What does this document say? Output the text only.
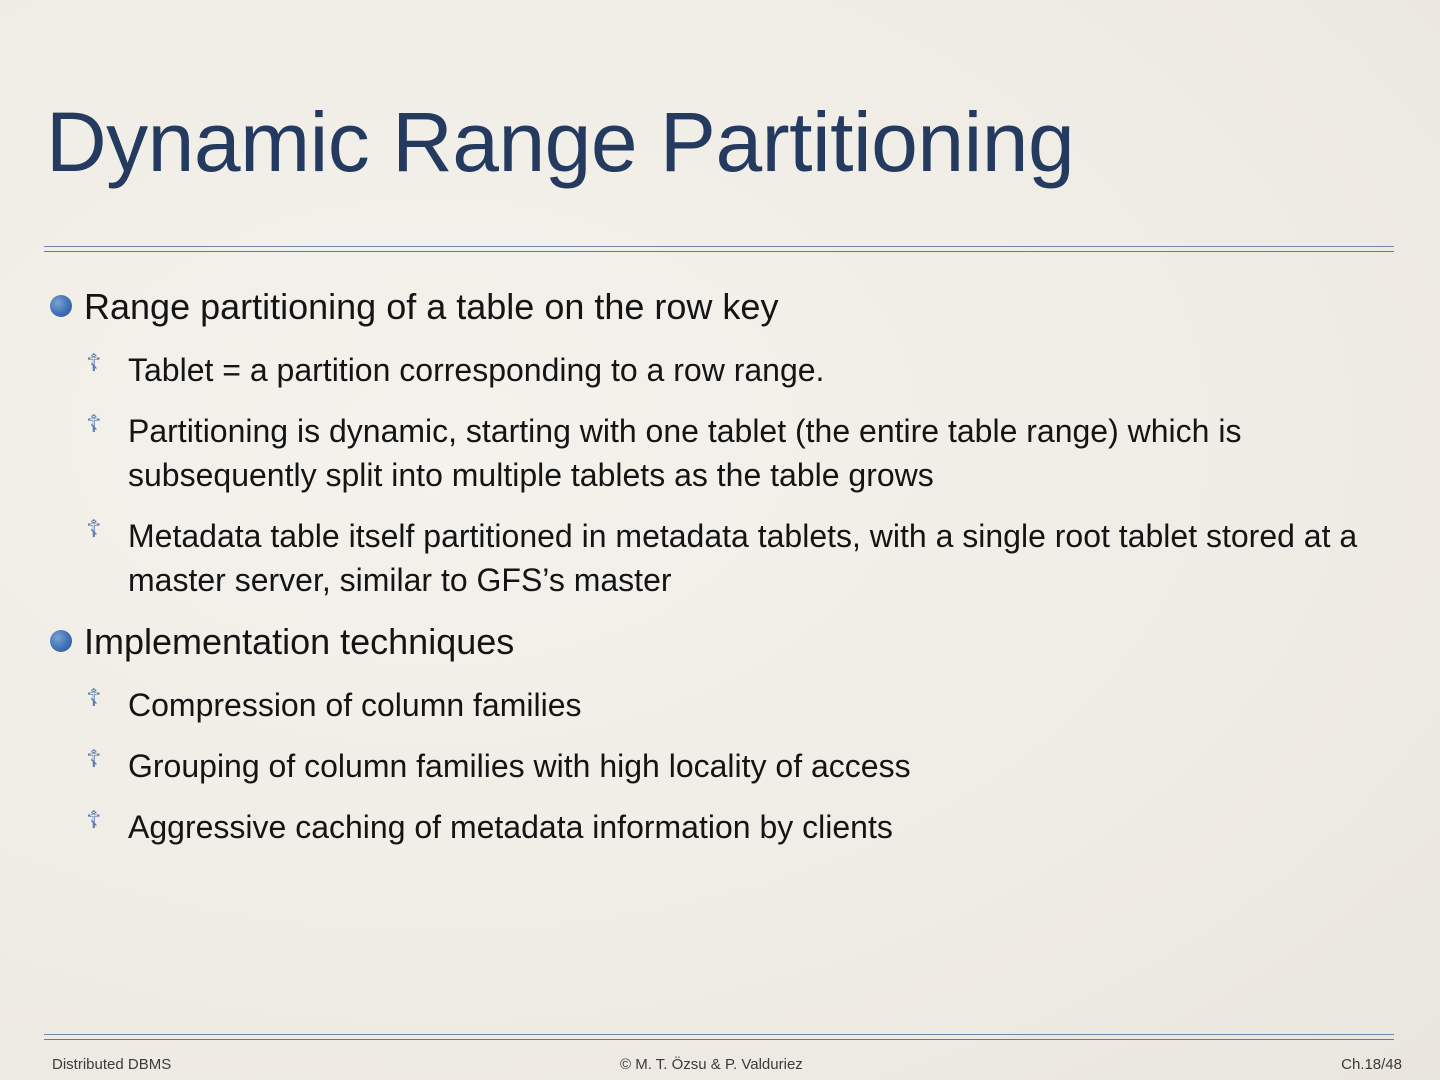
Dynamic Range Partitioning
Range partitioning of a table on the row key
☦ Tablet = a partition corresponding to a row range.
☦ Partitioning is dynamic, starting with one tablet (the entire table range) which is subsequently split into multiple tablets as the table grows
☦ Metadata table itself partitioned in metadata tablets, with a single root tablet stored at a master server, similar to GFS’s master
Implementation techniques
☦ Compression of column families
☦ Grouping of column families with high locality of access
☦ Aggressive caching of metadata information by clients
Distributed DBMS	© M. T. Özsu & P. Valduriez	Ch.18/48
